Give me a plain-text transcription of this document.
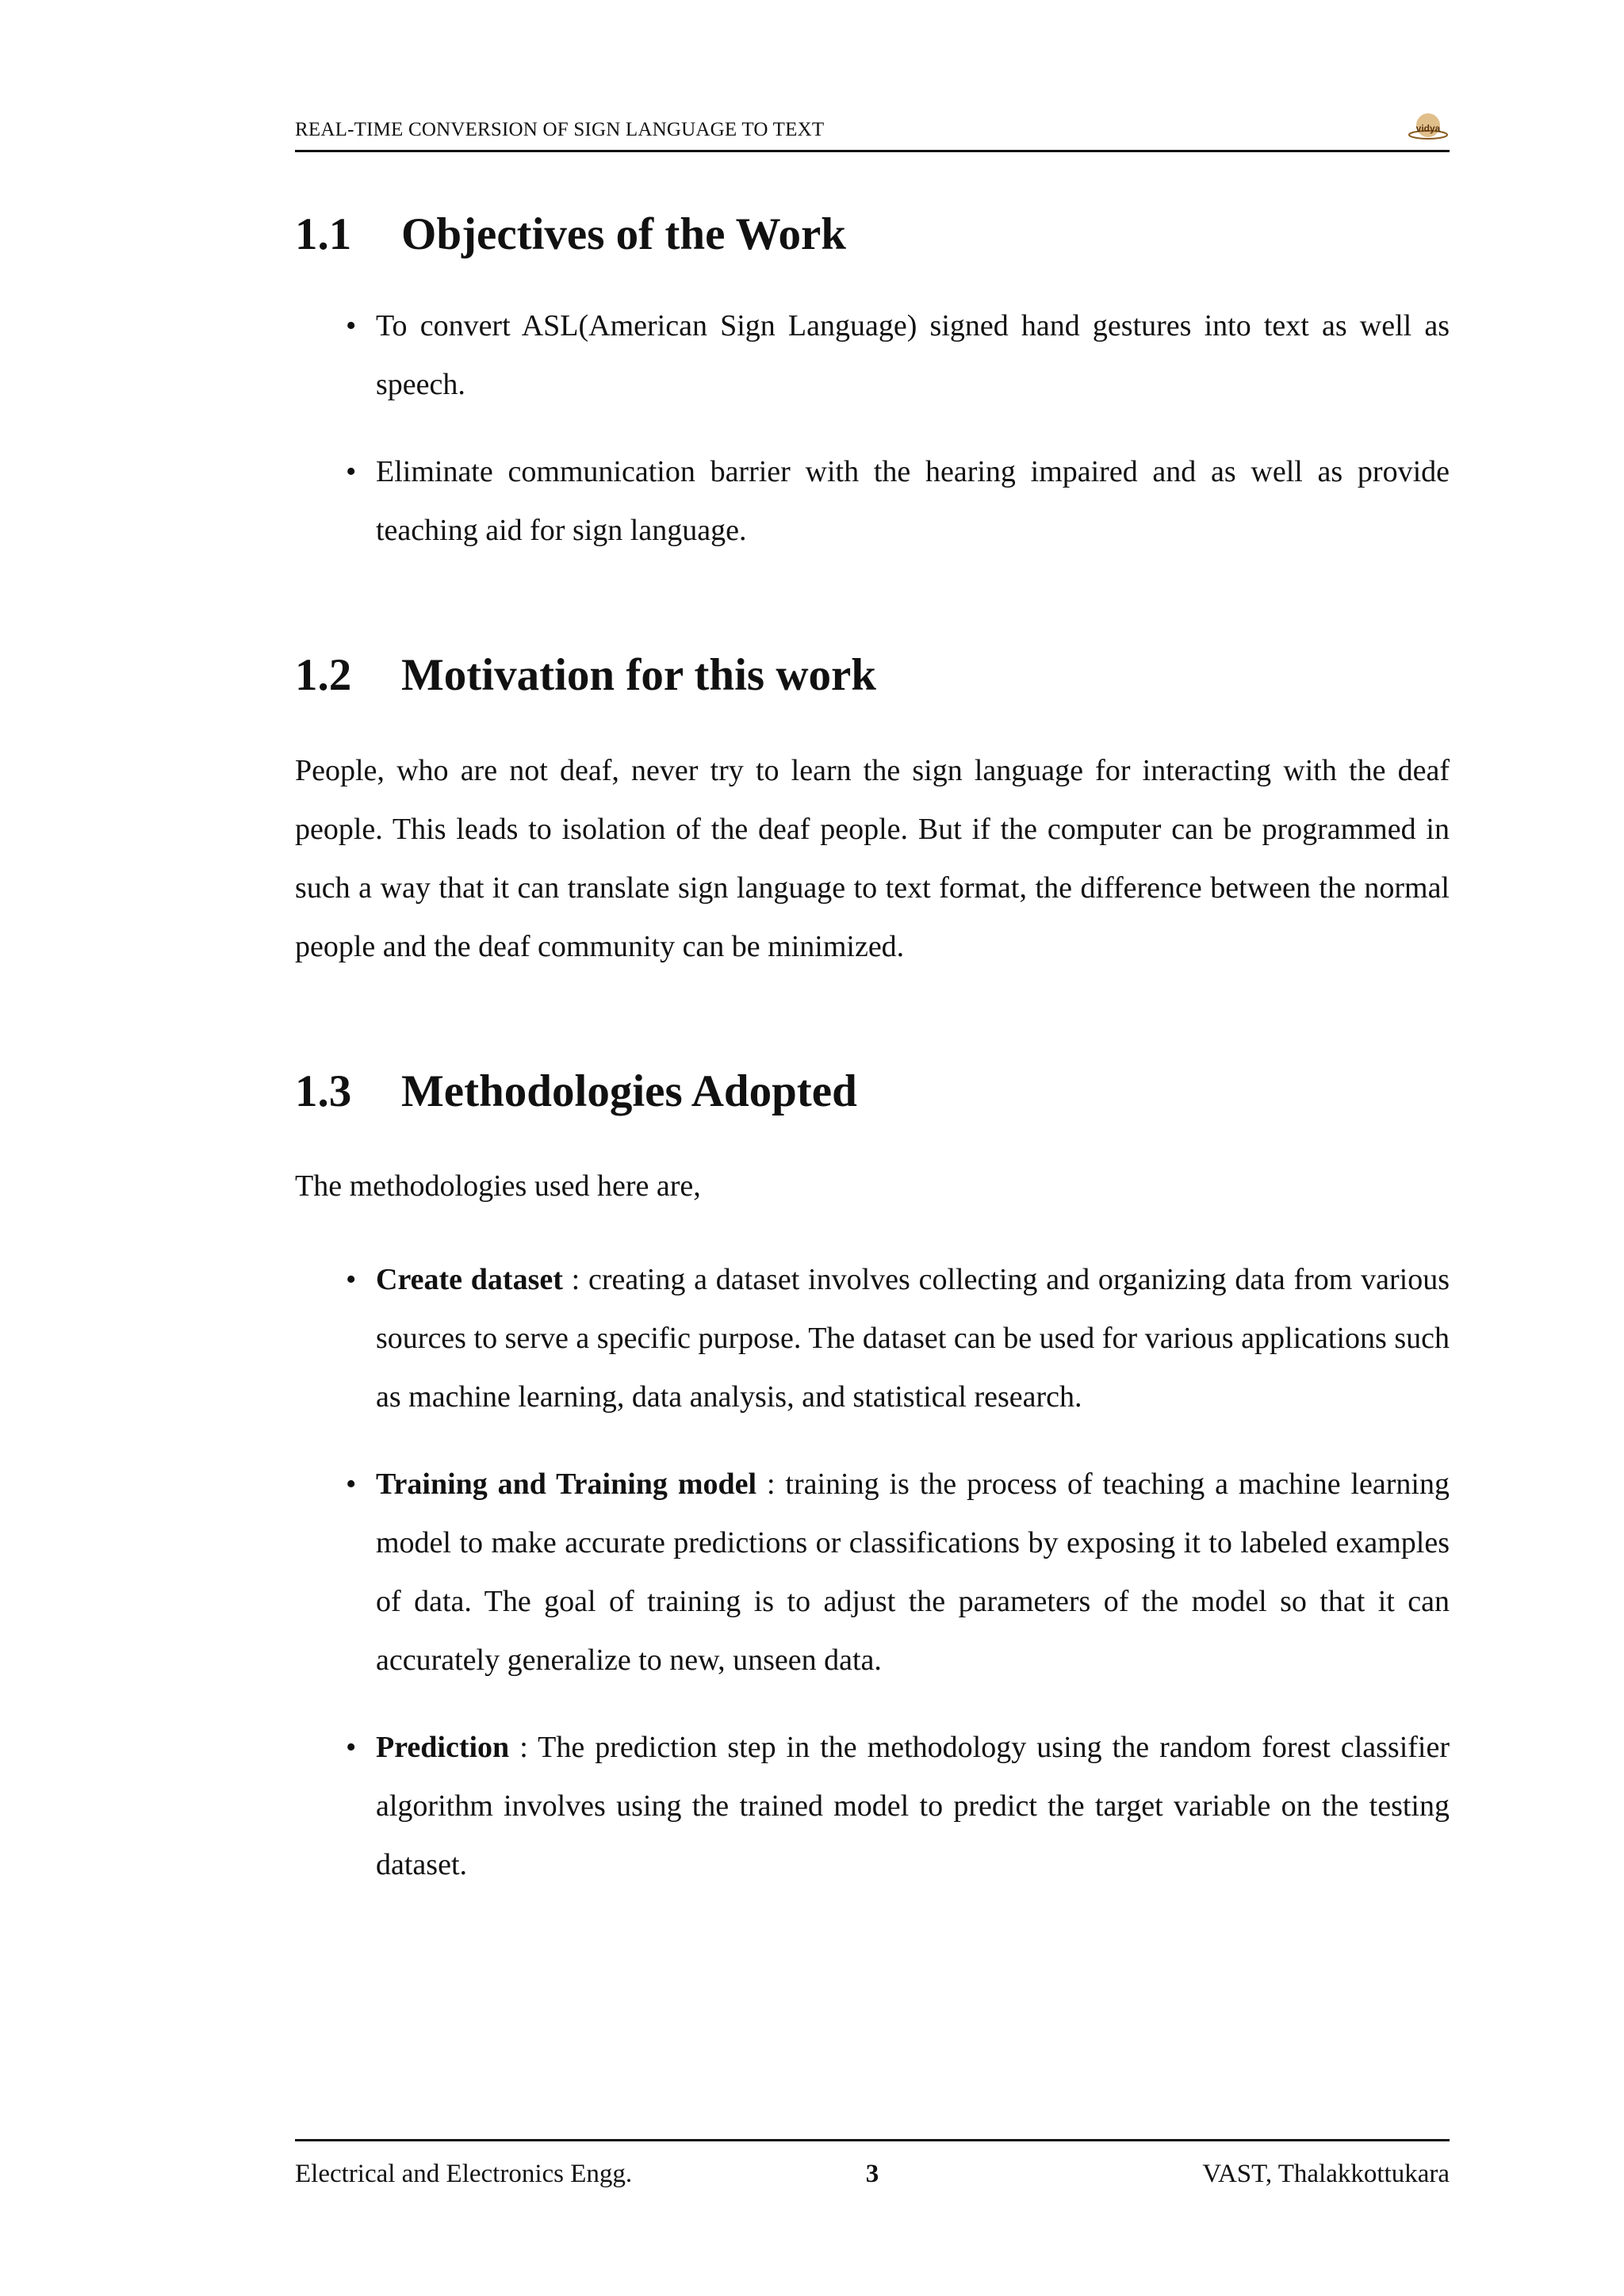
REAL-TIME CONVERSION OF SIGN LANGUAGE TO TEXT	vidya
1.1	Objectives of the Work
• To convert ASL(American Sign Language) signed hand gestures into text as well as speech.
• Eliminate communication barrier with the hearing impaired and as well as provide teaching aid for sign language.
1.2	Motivation for this work

People, who are not deaf, never try to learn the sign language for interacting with the deaf people. This leads to isolation of the deaf people. But if the computer can be programmed in such a way that it can translate sign language to text format, the difference between the normal people and the deaf community can be minimized.

1.3	Methodologies Adopted

The methodologies used here are,

• Create dataset : creating a dataset involves collecting and organizing data from various sources to serve a specific purpose. The dataset can be used for various applications such as machine learning, data analysis, and statistical research.
• Training and Training model : training is the process of teaching a machine learning model to make accurate predictions or classifications by exposing it to labeled examples of data. The goal of training is to adjust the parameters of the model so that it can accurately generalize to new, unseen data.
• Prediction : The prediction step in the methodology using the random forest classifier algorithm involves using the trained model to predict the target variable on the testing dataset.
Electrical and Electronics Engg.	3	VAST, Thalakkottukara
